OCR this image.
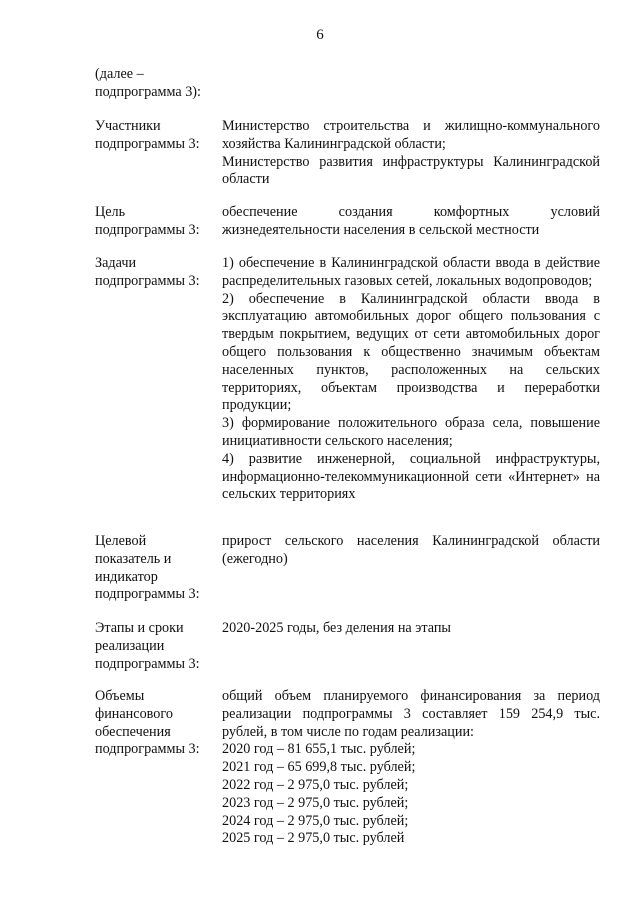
6
(далее –
подпрограмма 3):
Участники
подпрограммы 3:
Министерство строительства и жилищно-коммунального хозяйства Калининградской области;
Министерство развития инфраструктуры Калининградской области
Цель
подпрограммы 3:
обеспечение создания комфортных условий жизнедеятельности населения в сельской местности
Задачи
подпрограммы 3:
1) обеспечение в Калининградской области ввода в действие распределительных газовых сетей, локальных водопроводов;
2) обеспечение в Калининградской области ввода в эксплуатацию автомобильных дорог общего пользования с твердым покрытием, ведущих от сети автомобильных дорог общего пользования к общественно значимым объектам населенных пунктов, расположенных на сельских территориях, объектам производства и переработки продукции;
3) формирование положительного образа села, повышение инициативности сельского населения;
4) развитие инженерной, социальной инфраструктуры, информационно-телекоммуникационной сети «Интернет» на сельских территориях
Целевой
показатель и
индикатор
подпрограммы 3:
прирост сельского населения Калининградской области (ежегодно)
Этапы и сроки
реализации
подпрограммы 3:
2020-2025 годы, без деления на этапы
Объемы
финансового
обеспечения
подпрограммы 3:
общий объем планируемого финансирования за период реализации подпрограммы 3 составляет 159 254,9 тыс. рублей, в том числе по годам реализации:
2020 год – 81 655,1 тыс. рублей;
2021 год – 65 699,8 тыс. рублей;
2022 год – 2 975,0 тыс. рублей;
2023 год – 2 975,0 тыс. рублей;
2024 год – 2 975,0 тыс. рублей;
2025 год – 2 975,0 тыс. рублей
